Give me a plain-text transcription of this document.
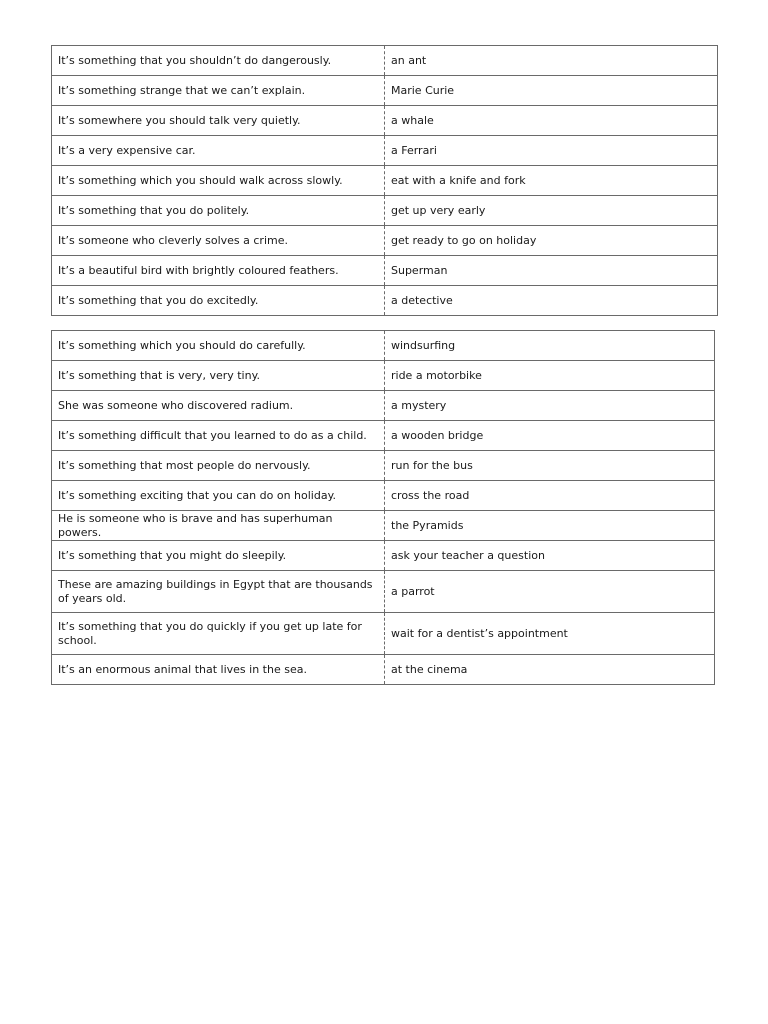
It’s something that you shouldn’t do dangerously.	an ant
It’s something strange that we can’t explain.	Marie Curie
It’s somewhere you should talk very quietly.	a whale
It’s a very expensive car.	a Ferrari
It’s something which you should walk across slowly.	eat with a knife and fork
It’s something that you do politely.	get up very early
It’s someone who cleverly solves a crime.	get ready to go on holiday
It’s a beautiful bird with brightly coloured feathers.	Superman
It’s something that you do excitedly.	a detective
It’s something which you should do carefully.	windsurfing
It’s something that is very, very tiny.	ride a motorbike
She was someone who discovered radium.	a mystery
It’s something difficult that you learned to do as a child.	a wooden bridge
It’s something that most people do nervously.	run for the bus
It’s something exciting that you can do on holiday.	cross the road
He is someone who is brave and has superhuman powers.	the Pyramids
It’s something that you might do sleepily.	ask your teacher a question
These are amazing buildings in Egypt that are thousands of years old.	a parrot
It’s something that you do quickly if you get up late for school.	wait for a dentist’s appointment
It’s an enormous animal that lives in the sea.	at the cinema
